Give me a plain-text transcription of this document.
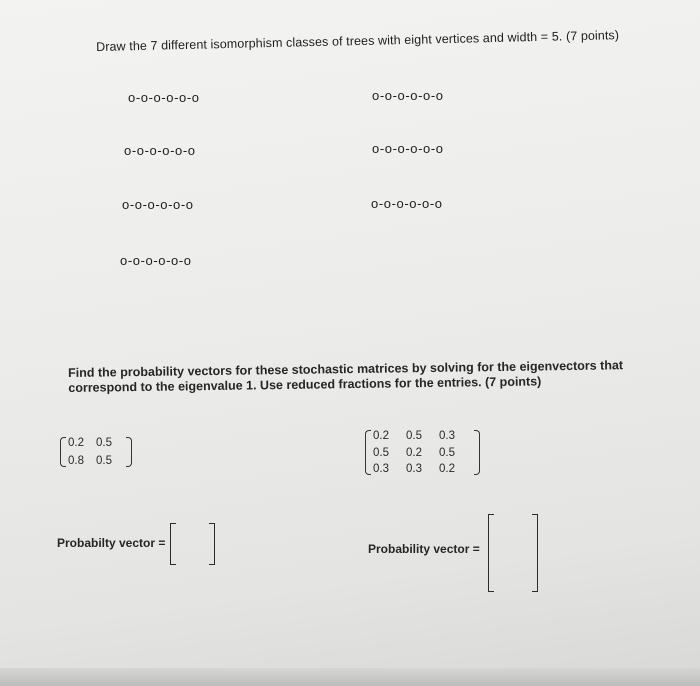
Draw the 7 different isomorphism classes of trees with eight vertices and width = 5. (7 points)
o-o-o-o-o-o	o-o-o-o-o-o
o-o-o-o-o-o	o-o-o-o-o-o
o-o-o-o-o-o	o-o-o-o-o-o
o-o-o-o-o-o
Find the probability vectors for these stochastic matrices by solving for the eigenvectors that correspond to the eigenvalue 1. Use reduced fractions for the entries. (7 points)
0.2	0.5
0.8	0.5
0.2	0.5	0.3
0.5	0.2	0.5
0.3	0.3	0.2
Probabilty vector =	Probability vector =
